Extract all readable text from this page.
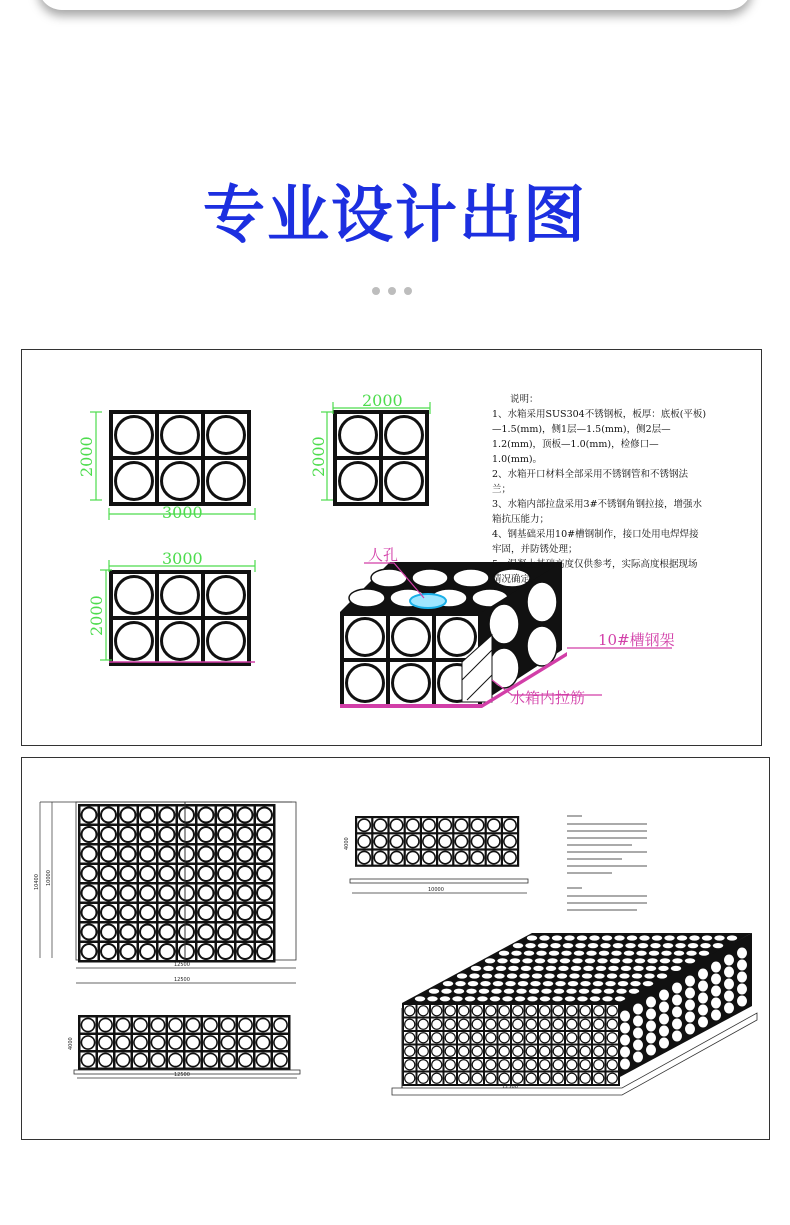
专业设计出图
2000
3000
2000
2000
3000
2000
人孔
10#槽钢架
水箱内拉筋
说明：
1、水箱采用SUS304不锈钢板，板厚：底板(平板)—1.5(mm)，侧1层—1.5(mm)，侧2层—1.2(mm)，顶板—1.0(mm)，检修口—1.0(mm)。
2、水箱开口材料全部采用不锈钢管和不锈钢法兰；
3、水箱内部拉盘采用3#不锈钢角钢拉接，增强水箱抗压能力；
4、钢基础采用10#槽钢制作，接口处用电焊焊接牢固，并防锈处理；
5、混凝土基础高度仅供参考，实际高度根据现场情况确定。
10400 10000
12500
12500
10000
4000
12500
4000
12500
